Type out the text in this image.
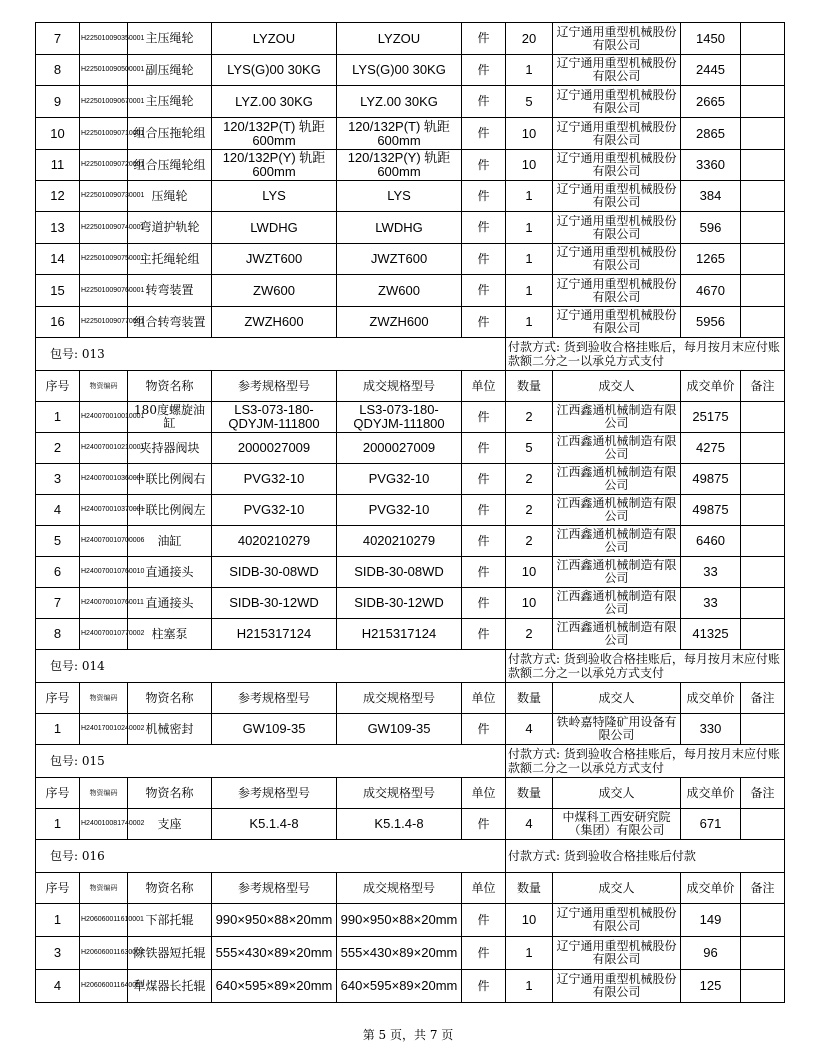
7	H225010090350001	主压绳轮	LYZOU	LYZOU	件	20	辽宁通用重型机械股份有限公司	1450	
8	H225010090500001	副压绳轮	LYS(G)00 30KG	LYS(G)00 30KG	件	1	辽宁通用重型机械股份有限公司	2445	
9	H225010090670001	主压绳轮	LYZ.00 30KG	LYZ.00 30KG	件	5	辽宁通用重型机械股份有限公司	2665	
10	H225010090710001	组合压拖轮组	120/132P(T) 轨距600mm	120/132P(T) 轨距600mm	件	10	辽宁通用重型机械股份有限公司	2865	
11	H225010090720001	组合压绳轮组	120/132P(Y) 轨距600mm	120/132P(Y) 轨距600mm	件	10	辽宁通用重型机械股份有限公司	3360	
12	H225010090730001	压绳轮	LYS	LYS	件	1	辽宁通用重型机械股份有限公司	384	
13	H225010090740001	弯道护轨轮	LWDHG	LWDHG	件	1	辽宁通用重型机械股份有限公司	596	
14	H225010090750001	主托绳轮组	JWZT600	JWZT600	件	1	辽宁通用重型机械股份有限公司	1265	
15	H225010090760001	转弯装置	ZW600	ZW600	件	1	辽宁通用重型机械股份有限公司	4670	
16	H225010090770001	组合转弯装置	ZWZH600	ZWZH600	件	1	辽宁通用重型机械股份有限公司	5956	
包号: 013						付款方式: 货到验收合格挂账后，每月按月末应付账款额二分之一以承兑方式支付			
序号	物资编码	物资名称	参考规格型号	成交规格型号	单位	数量	成交人	成交单价	备注
1	H240070010010001	180度螺旋油缸	LS3-073-180-QDYJM-111800	LS3-073-180-QDYJM-111800	件	2	江西鑫通机械制造有限公司	25175	
2	H240070010210001	夹持器阀块	2000027009	2000027009	件	5	江西鑫通机械制造有限公司	4275	
3	H240070010360001	十联比例阀右	PVG32-10	PVG32-10	件	2	江西鑫通机械制造有限公司	49875	
4	H240070010370001	十联比例阀左	PVG32-10	PVG32-10	件	2	江西鑫通机械制造有限公司	49875	
5	H240070010700006	油缸	4020210279	4020210279	件	2	江西鑫通机械制造有限公司	6460	
6	H240070010760010	直通接头	SIDB-30-08WD	SIDB-30-08WD	件	10	江西鑫通机械制造有限公司	33	
7	H240070010760011	直通接头	SIDB-30-12WD	SIDB-30-12WD	件	10	江西鑫通机械制造有限公司	33	
8	H240070010770002	柱塞泵	H215317124	H215317124	件	2	江西鑫通机械制造有限公司	41325	
包号: 014						付款方式: 货到验收合格挂账后，每月按月末应付账款额二分之一以承兑方式支付			
序号	物资编码	物资名称	参考规格型号	成交规格型号	单位	数量	成交人	成交单价	备注
1	H240170010240002	机械密封	GW109-35	GW109-35	件	4	铁岭嘉特隆矿用设备有限公司	330	
包号: 015						付款方式: 货到验收合格挂账后，每月按月末应付账款额二分之一以承兑方式支付			
序号	物资编码	物资名称	参考规格型号	成交规格型号	单位	数量	成交人	成交单价	备注
1	H240010081740002	支座	K5.1.4-8	K5.1.4-8	件	4	中煤科工西安研究院（集团）有限公司	671	
包号: 016						付款方式: 货到验收合格挂账后付款			
序号	物资编码	物资名称	参考规格型号	成交规格型号	单位	数量	成交人	成交单价	备注
1	H206060011610001	下部托辊	990×950×88×20mm	990×950×88×20mm	件	10	辽宁通用重型机械股份有限公司	149	
3	H206060011630001	除铁器短托辊	555×430×89×20mm	555×430×89×20mm	件	1	辽宁通用重型机械股份有限公司	96	
4	H206060011640001	犁煤器长托辊	640×595×89×20mm	640×595×89×20mm	件	1	辽宁通用重型机械股份有限公司	125	
第 5 页，共 7 页
